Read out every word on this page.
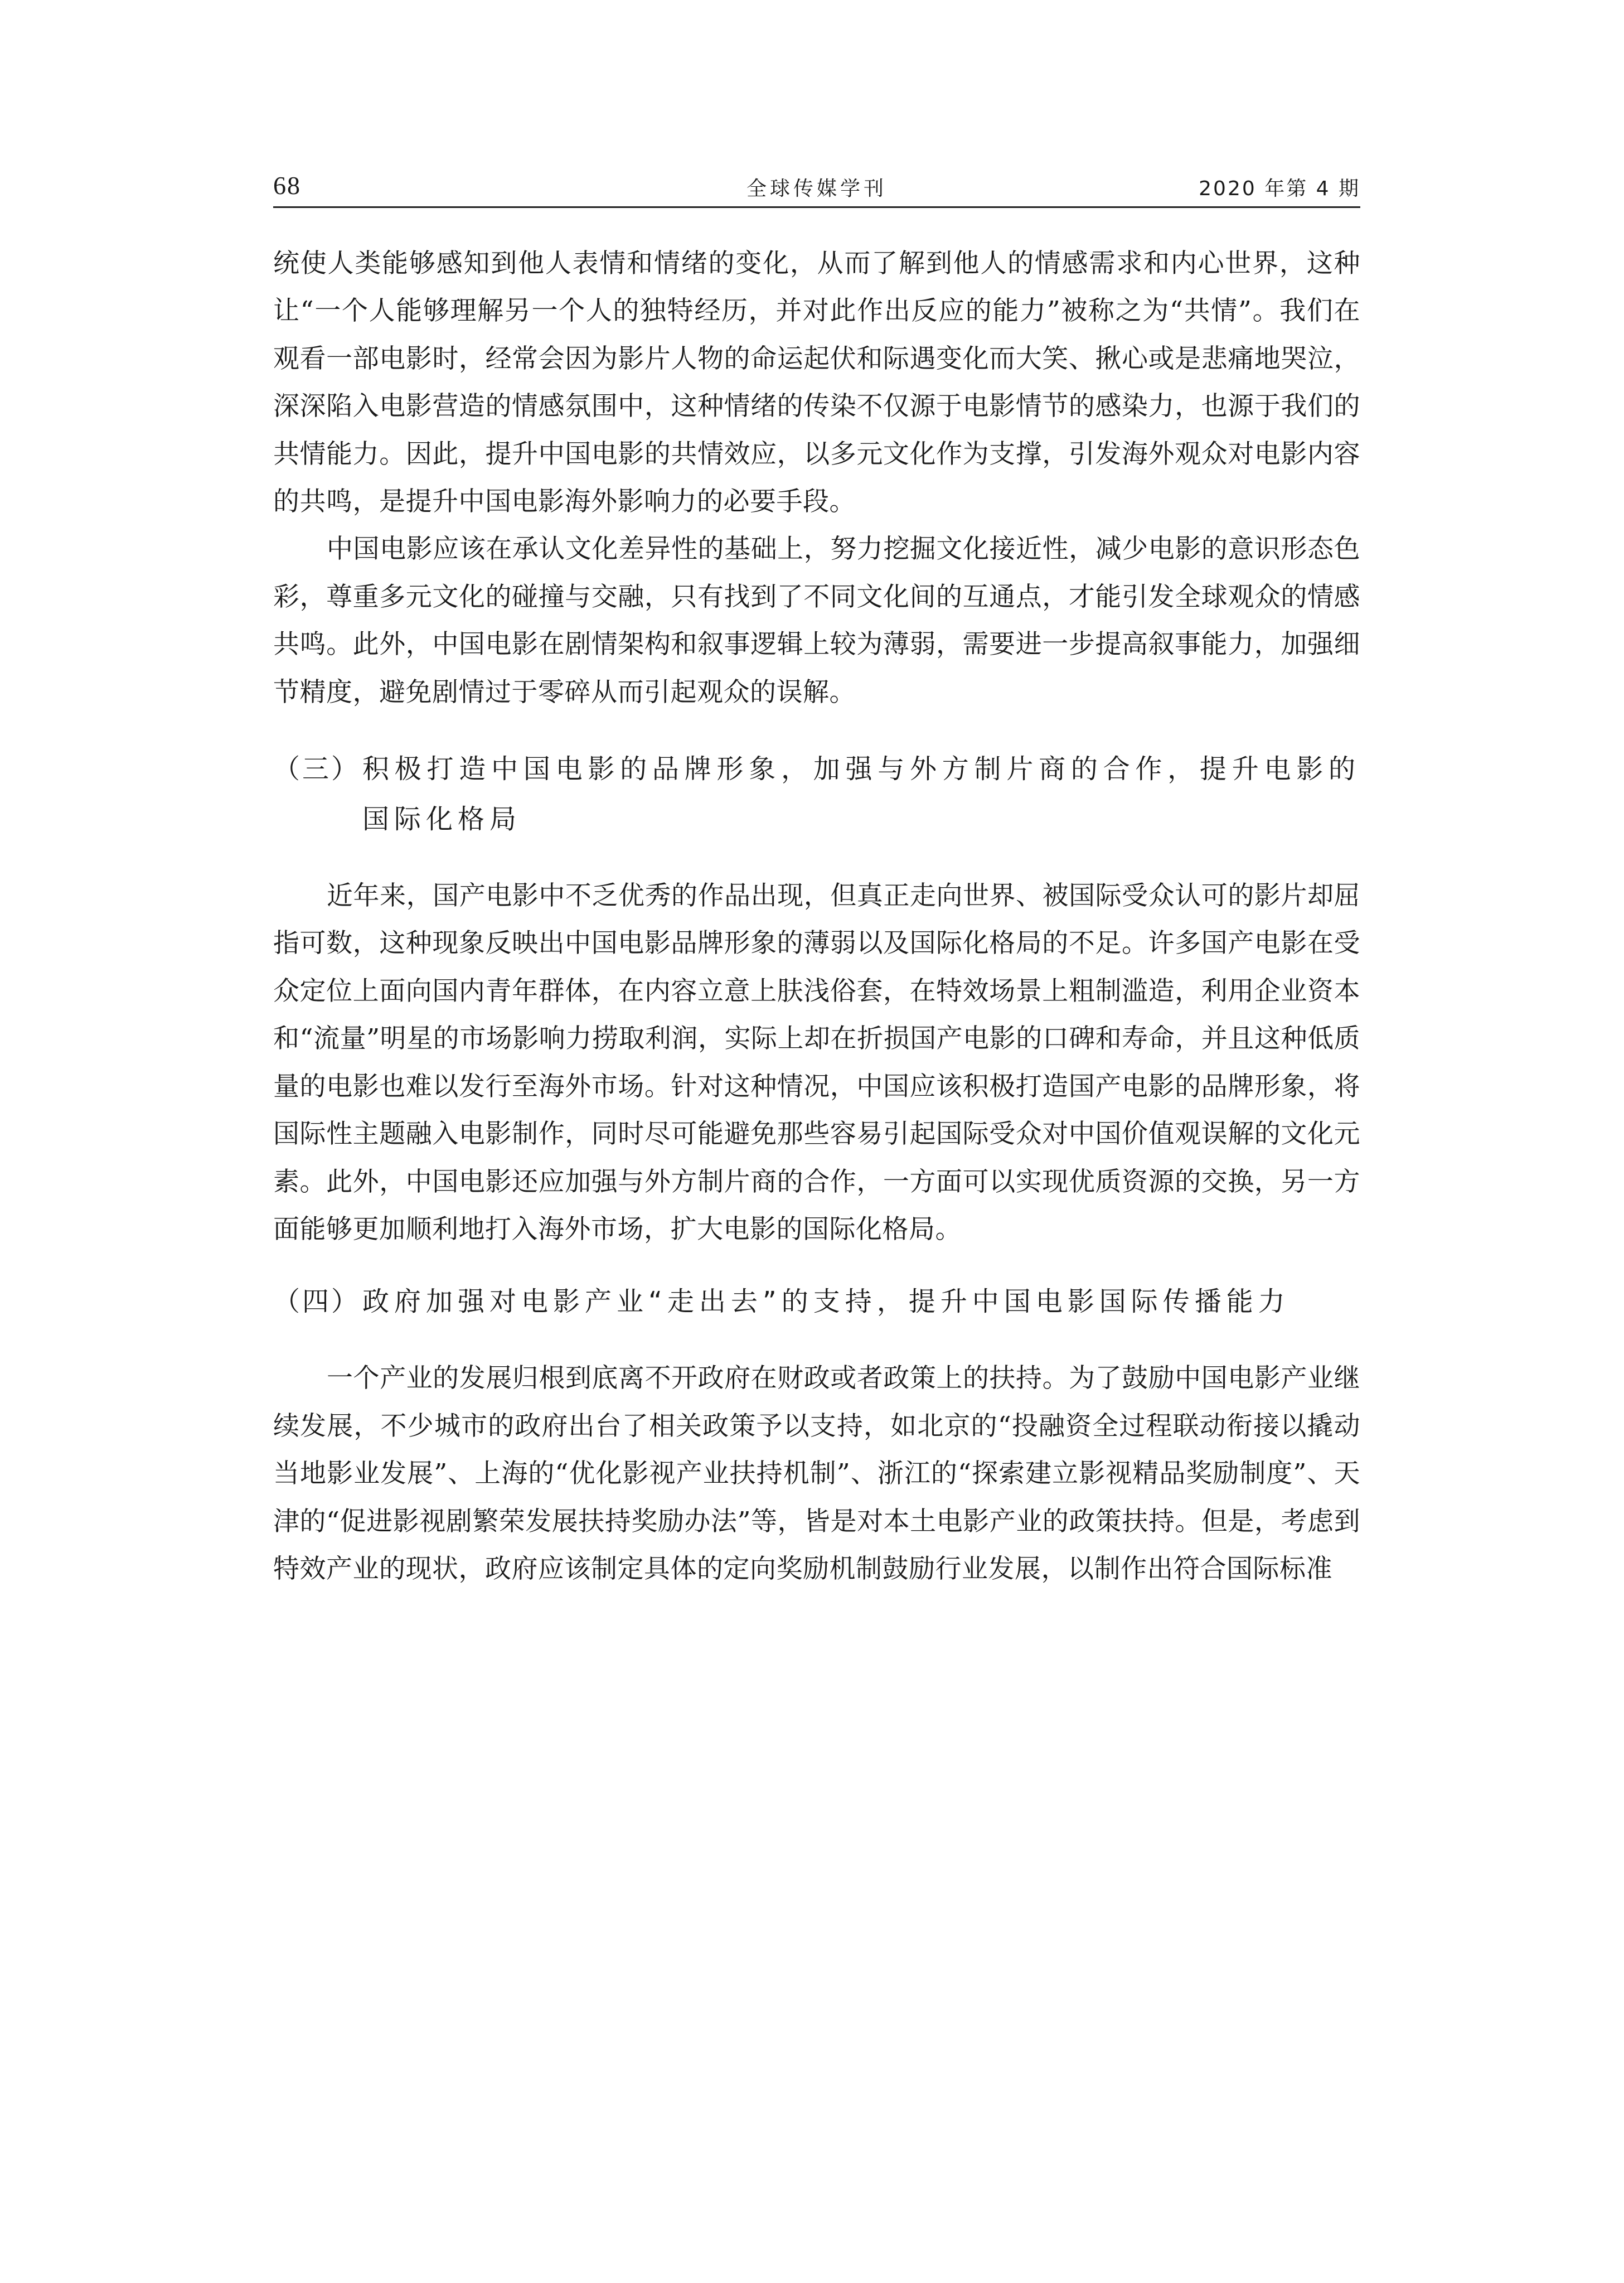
68	全球传媒学刊	2020 年第 4 期

统使人类能够感知到他人表情和情绪的变化，从而了解到他人的情感需求和内心世界，这种让“一个人能够理解另一个人的独特经历，并对此作出反应的能力”被称之为“共情”。我们在观看一部电影时，经常会因为影片人物的命运起伏和际遇变化而大笑、揪心或是悲痛地哭泣，深深陷入电影营造的情感氛围中，这种情绪的传染不仅源于电影情节的感染力，也源于我们的共情能力。因此，提升中国电影的共情效应，以多元文化作为支撑，引发海外观众对电影内容的共鸣，是提升中国电影海外影响力的必要手段。

中国电影应该在承认文化差异性的基础上，努力挖掘文化接近性，减少电影的意识形态色彩，尊重多元文化的碰撞与交融，只有找到了不同文化间的互通点，才能引发全球观众的情感共鸣。此外，中国电影在剧情架构和叙事逻辑上较为薄弱，需要进一步提高叙事能力，加强细节精度，避免剧情过于零碎从而引起观众的误解。

（三） 积极打造中国电影的品牌形象，加强与外方制片商的合作，提升电影的国际化格局

近年来，国产电影中不乏优秀的作品出现，但真正走向世界、被国际受众认可的影片却屈指可数，这种现象反映出中国电影品牌形象的薄弱以及国际化格局的不足。许多国产电影在受众定位上面向国内青年群体，在内容立意上肤浅俗套，在特效场景上粗制滥造，利用企业资本和“流量”明星的市场影响力捞取利润，实际上却在折损国产电影的口碑和寿命，并且这种低质量的电影也难以发行至海外市场。针对这种情况，中国应该积极打造国产电影的品牌形象，将国际性主题融入电影制作，同时尽可能避免那些容易引起国际受众对中国价值观误解的文化元素。此外，中国电影还应加强与外方制片商的合作，一方面可以实现优质资源的交换，另一方面能够更加顺利地打入海外市场，扩大电影的国际化格局。

（四） 政府加强对电影产业“走出去”的支持，提升中国电影国际传播能力

一个产业的发展归根到底离不开政府在财政或者政策上的扶持。为了鼓励中国电影产业继续发展，不少城市的政府出台了相关政策予以支持，如北京的“投融资全过程联动衔接以撬动当地影业发展”、上海的“优化影视产业扶持机制”、浙江的“探索建立影视精品奖励制度”、天津的“促进影视剧繁荣发展扶持奖励办法”等，皆是对本土电影产业的政策扶持。但是，考虑到特效产业的现状，政府应该制定具体的定向奖励机制鼓励行业发展，以制作出符合国际标准
